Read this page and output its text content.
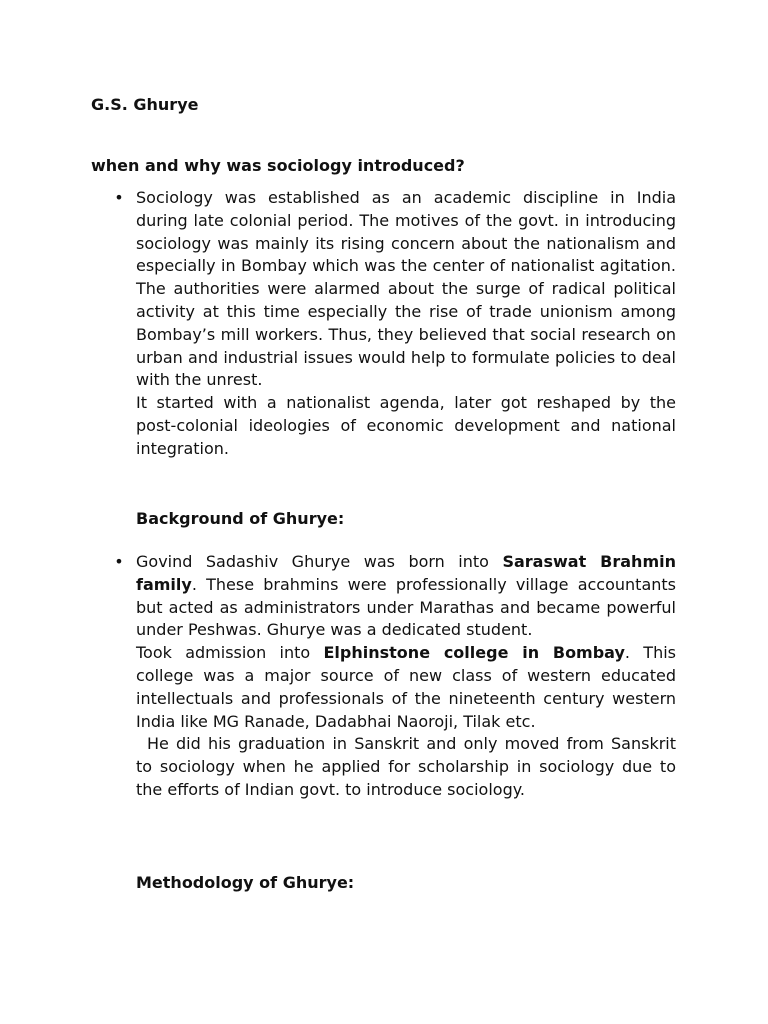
G.S. Ghurye
when and why was sociology introduced?
• Sociology was established as an academic discipline in India during late colonial period. The motives of the govt. in introducing sociology was mainly its rising concern about the nationalism and especially in Bombay which was the center of nationalist agitation. The authorities were alarmed about the surge of radical political activity at this time especially the rise of trade unionism among Bombay’s mill workers. Thus, they believed that social research on urban and industrial issues would help to formulate policies to deal with the unrest.

It started with a nationalist agenda, later got reshaped by the post-colonial ideologies of economic development and national integration.

Background of Ghurye:
• Govind Sadashiv Ghurye was born into Saraswat Brahmin family. These brahmins were professionally village accountants but acted as administrators under Marathas and became powerful under Peshwas. Ghurye was a dedicated student.

Took admission into Elphinstone college in Bombay. This college was a major source of new class of western educated intellectuals and professionals of the nineteenth century western India like MG Ranade, Dadabhai Naoroji, Tilak etc.

He did his graduation in Sanskrit and only moved from Sanskrit to sociology when he applied for scholarship in sociology due to the efforts of Indian govt. to introduce sociology.

Methodology of Ghurye:
